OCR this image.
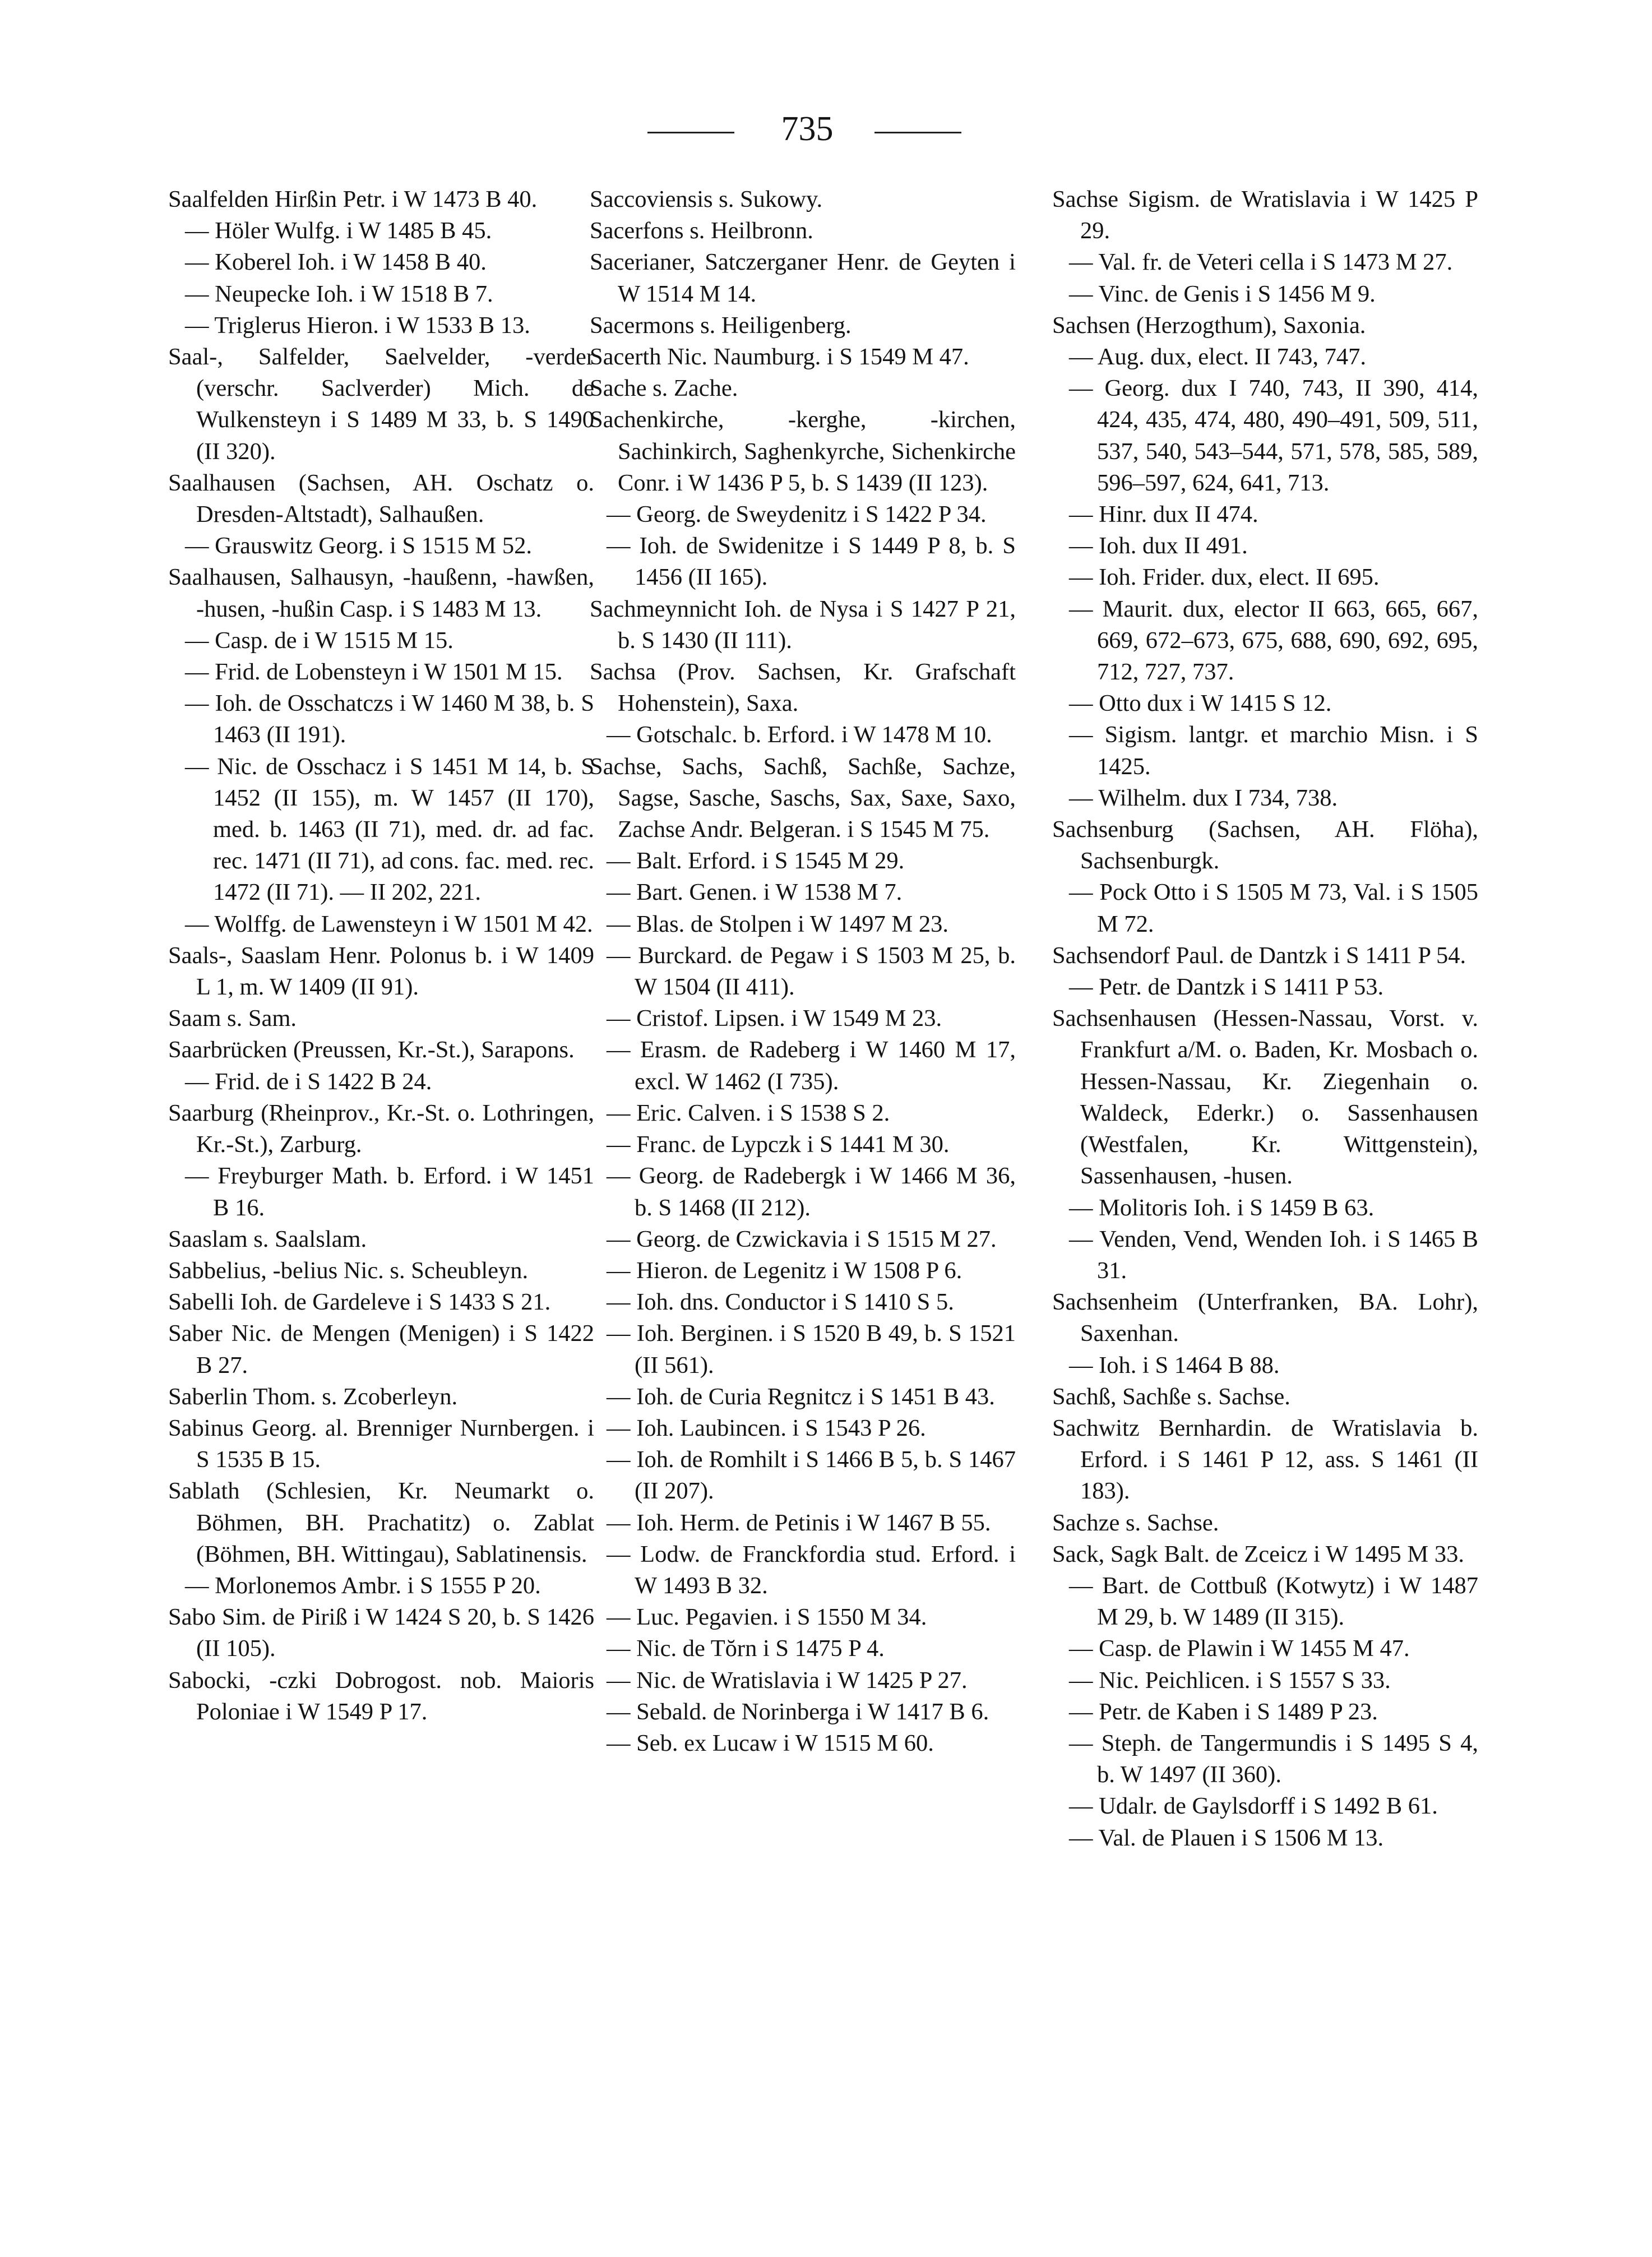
735

Saalfelden Hirßin Petr. i W 1473 B 40.

— Höler Wulfg. i W 1485 B 45.

— Koberel Ioh. i W 1458 B 40.

— Neupecke Ioh. i W 1518 B 7.

— Triglerus Hieron. i W 1533 B 13.

Saal-, Salfelder, Saelvelder, -verder (verschr. Saclverder) Mich. de Wulkensteyn i S 1489 M 33, b. S 1490 (II 320).

Saalhausen (Sachsen, AH. Oschatz o. Dresden-Altstadt), Salhaußen.

— Grauswitz Georg. i S 1515 M 52.

Saalhausen, Salhausyn, -haußenn, -hawßen, -husen, -hußin Casp. i S 1483 M 13.

— Casp. de i W 1515 M 15.

— Frid. de Lobensteyn i W 1501 M 15.

— Ioh. de Osschatczs i W 1460 M 38, b. S 1463 (II 191).

— Nic. de Osschacz i S 1451 M 14, b. S 1452 (II 155), m. W 1457 (II 170), med. b. 1463 (II 71), med. dr. ad fac. rec. 1471 (II 71), ad cons. fac. med. rec. 1472 (II 71). — II 202, 221.

— Wolffg. de Lawensteyn i W 1501 M 42.

Saals-, Saaslam Henr. Polonus b. i W 1409 L 1, m. W 1409 (II 91).

Saam s. Sam.

Saarbrücken (Preussen, Kr.-St.), Sarapons.

— Frid. de i S 1422 B 24.

Saarburg (Rheinprov., Kr.-St. o. Lothringen, Kr.-St.), Zarburg.

— Freyburger Math. b. Erford. i W 1451 B 16.

Saaslam s. Saalslam.

Sabbelius, -belius Nic. s. Scheubleyn.

Sabelli Ioh. de Gardeleve i S 1433 S 21.

Saber Nic. de Mengen (Menigen) i S 1422 B 27.

Saberlin Thom. s. Zcoberleyn.

Sabinus Georg. al. Brenniger Nurnbergen. i S 1535 B 15.

Sablath (Schlesien, Kr. Neumarkt o. Böhmen, BH. Prachatitz) o. Zablat (Böhmen, BH. Wittingau), Sablatinensis.

— Morlonemos Ambr. i S 1555 P 20.

Sabo Sim. de Piriß i W 1424 S 20, b. S 1426 (II 105).

Sabocki, -czki Dobrogost. nob. Maioris Poloniae i W 1549 P 17.

Saccoviensis s. Sukowy.

Sacerfons s. Heilbronn.

Sacerianer, Satczerganer Henr. de Geyten i W 1514 M 14.

Sacermons s. Heiligenberg.

Sacerth Nic. Naumburg. i S 1549 M 47.

Sache s. Zache.

Sachenkirche, -kerghe, -kirchen, Sachinkirch, Saghenkyrche, Sichenkirche Conr. i W 1436 P 5, b. S 1439 (II 123).

— Georg. de Sweydenitz i S 1422 P 34.

— Ioh. de Swidenitze i S 1449 P 8, b. S 1456 (II 165).

Sachmeynnicht Ioh. de Nysa i S 1427 P 21, b. S 1430 (II 111).

Sachsa (Prov. Sachsen, Kr. Grafschaft Hohenstein), Saxa.

— Gotschalc. b. Erford. i W 1478 M 10.

Sachse, Sachs, Sachß, Sachße, Sachze, Sagse, Sasche, Saschs, Sax, Saxe, Saxo, Zachse Andr. Belgeran. i S 1545 M 75.

— Balt. Erford. i S 1545 M 29.

— Bart. Genen. i W 1538 M 7.

— Blas. de Stolpen i W 1497 M 23.

— Burckard. de Pegaw i S 1503 M 25, b. W 1504 (II 411).

— Cristof. Lipsen. i W 1549 M 23.

— Erasm. de Radeberg i W 1460 M 17, excl. W 1462 (I 735).

— Eric. Calven. i S 1538 S 2.

— Franc. de Lypczk i S 1441 M 30.

— Georg. de Radebergk i W 1466 M 36, b. S 1468 (II 212).

— Georg. de Czwickavia i S 1515 M 27.

— Hieron. de Legenitz i W 1508 P 6.

— Ioh. dns. Conductor i S 1410 S 5.

— Ioh. Berginen. i S 1520 B 49, b. S 1521 (II 561).

— Ioh. de Curia Regnitcz i S 1451 B 43.

— Ioh. Laubincen. i S 1543 P 26.

— Ioh. de Romhilt i S 1466 B 5, b. S 1467 (II 207).

— Ioh. Herm. de Petinis i W 1467 B 55.

— Lodw. de Franckfordia stud. Erford. i W 1493 B 32.

— Luc. Pegavien. i S 1550 M 34.

— Nic. de Tŏrn i S 1475 P 4.

— Nic. de Wratislavia i W 1425 P 27.

— Sebald. de Norinberga i W 1417 B 6.

— Seb. ex Lucaw i W 1515 M 60.

Sachse Sigism. de Wratislavia i W 1425 P 29.

— Val. fr. de Veteri cella i S 1473 M 27.

— Vinc. de Genis i S 1456 M 9.

Sachsen (Herzogthum), Saxonia.

— Aug. dux, elect. II 743, 747.

— Georg. dux I 740, 743, II 390, 414, 424, 435, 474, 480, 490–491, 509, 511, 537, 540, 543–544, 571, 578, 585, 589, 596–597, 624, 641, 713.

— Hinr. dux II 474.

— Ioh. dux II 491.

— Ioh. Frider. dux, elect. II 695.

— Maurit. dux, elector II 663, 665, 667, 669, 672–673, 675, 688, 690, 692, 695, 712, 727, 737.

— Otto dux i W 1415 S 12.

— Sigism. lantgr. et marchio Misn. i S 1425.

— Wilhelm. dux I 734, 738.

Sachsenburg (Sachsen, AH. Flöha), Sachsenburgk.

— Pock Otto i S 1505 M 73, Val. i S 1505 M 72.

Sachsendorf Paul. de Dantzk i S 1411 P 54.

— Petr. de Dantzk i S 1411 P 53.

Sachsenhausen (Hessen-Nassau, Vorst. v. Frankfurt a/M. o. Baden, Kr. Mosbach o. Hessen-Nassau, Kr. Ziegenhain o. Waldeck, Ederkr.) o. Sassenhausen (Westfalen, Kr. Wittgenstein), Sassenhausen, -husen.

— Molitoris Ioh. i S 1459 B 63.

— Venden, Vend, Wenden Ioh. i S 1465 B 31.

Sachsenheim (Unterfranken, BA. Lohr), Saxenhan.

— Ioh. i S 1464 B 88.

Sachß, Sachße s. Sachse.

Sachwitz Bernhardin. de Wratislavia b. Erford. i S 1461 P 12, ass. S 1461 (II 183).

Sachze s. Sachse.

Sack, Sagk Balt. de Zceicz i W 1495 M 33.

— Bart. de Cottbuß (Kotwytz) i W 1487 M 29, b. W 1489 (II 315).

— Casp. de Plawin i W 1455 M 47.

— Nic. Peichlicen. i S 1557 S 33.

— Petr. de Kaben i S 1489 P 23.

— Steph. de Tangermundis i S 1495 S 4, b. W 1497 (II 360).

— Udalr. de Gaylsdorff i S 1492 B 61.

— Val. de Plauen i S 1506 M 13.
